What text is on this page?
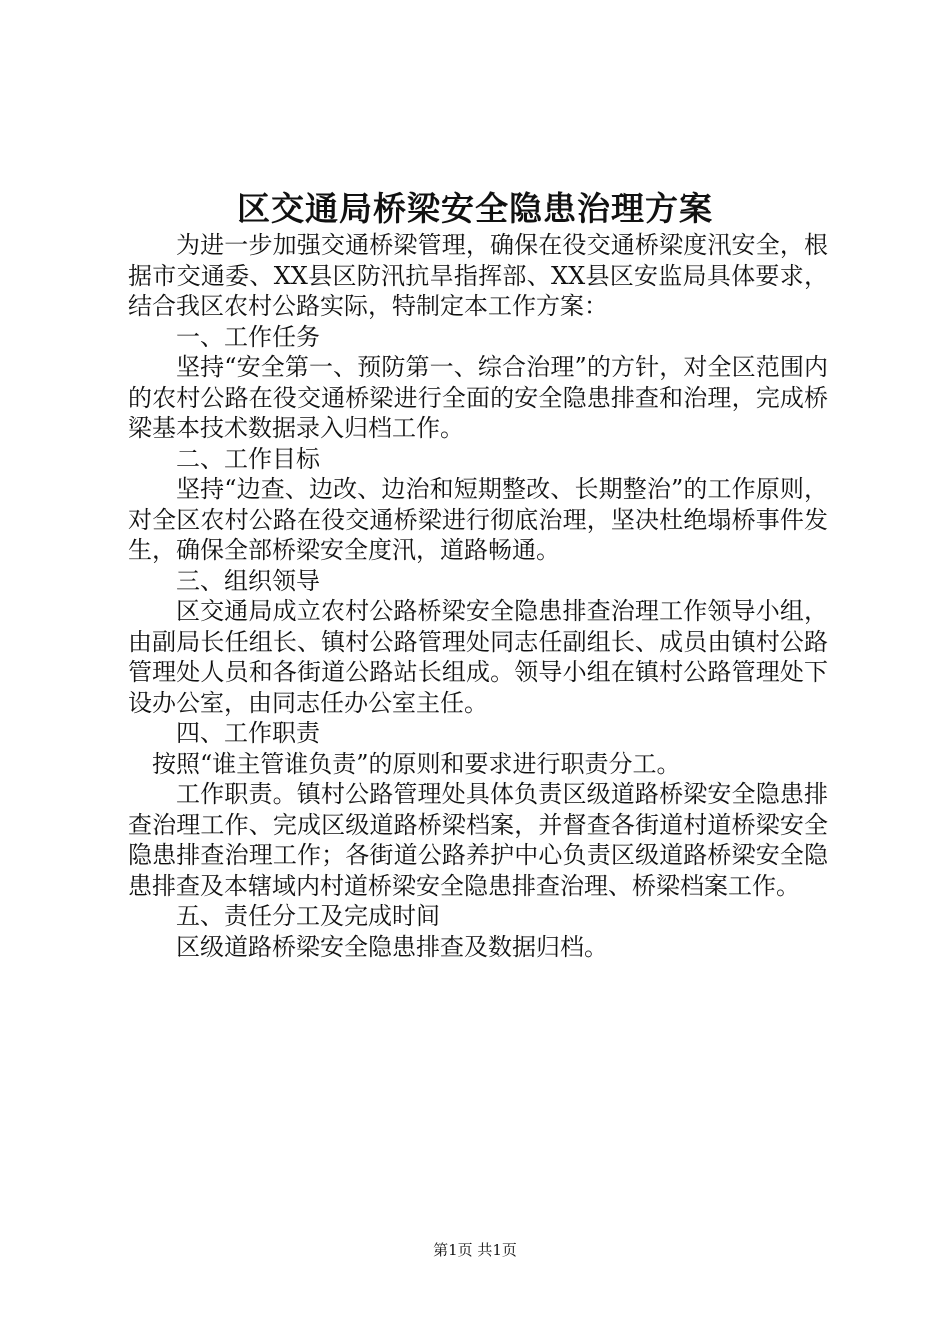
区交通局桥梁安全隐患治理方案

为进一步加强交通桥梁管理，确保在役交通桥梁度汛安全，根据市交通委、XX县区防汛抗旱指挥部、XX县区安监局具体要求，结合我区农村公路实际，特制定本工作方案：

一、工作任务

坚持“安全第一、预防第一、综合治理”的方针，对全区范围内的农村公路在役交通桥梁进行全面的安全隐患排查和治理，完成桥梁基本技术数据录入归档工作。

二、工作目标

坚持“边查、边改、边治和短期整改、长期整治”的工作原则，对全区农村公路在役交通桥梁进行彻底治理，坚决杜绝塌桥事件发生，确保全部桥梁安全度汛，道路畅通。

三、组织领导

区交通局成立农村公路桥梁安全隐患排查治理工作领导小组，由副局长任组长、镇村公路管理处同志任副组长、成员由镇村公路管理处人员和各街道公路站长组成。领导小组在镇村公路管理处下设办公室，由同志任办公室主任。

四、工作职责

按照“谁主管谁负责”的原则和要求进行职责分工。

工作职责。镇村公路管理处具体负责区级道路桥梁安全隐患排查治理工作、完成区级道路桥梁档案，并督查各街道村道桥梁安全隐患排查治理工作；各街道公路养护中心负责区级道路桥梁安全隐患排查及本辖域内村道桥梁安全隐患排查治理、桥梁档案工作。

五、责任分工及完成时间

区级道路桥梁安全隐患排查及数据归档。

第1页 共1页
